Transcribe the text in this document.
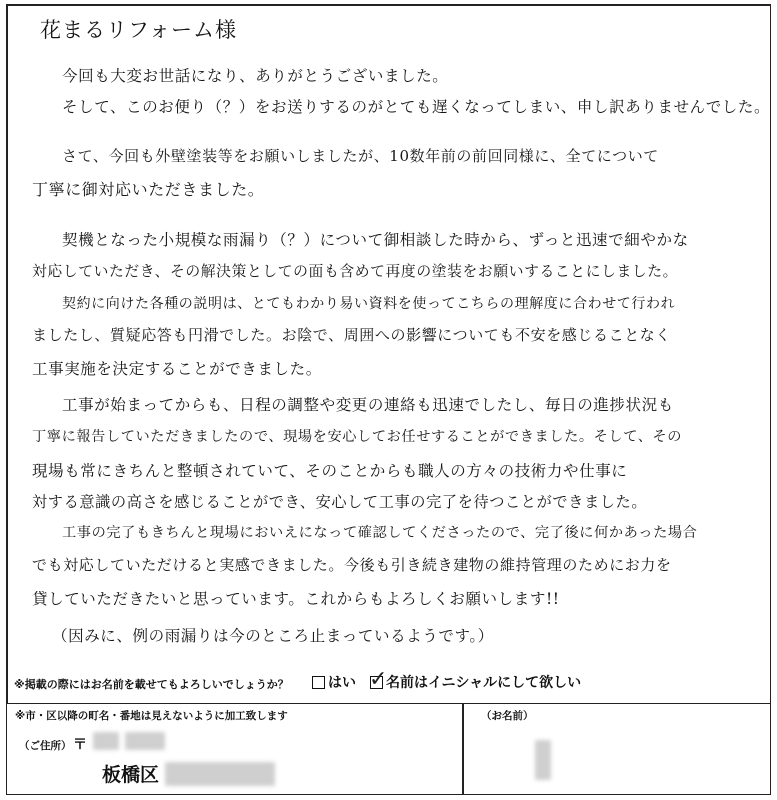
花まるリフォーム様
今回も大変お世話になり、ありがとうございました。
そして、このお便り（？）をお送りするのがとても遅くなってしまい、申し訳ありませんでした。
さて、今回も外壁塗装等をお願いしましたが、10数年前の前回同様に、全てについて
丁寧に御対応いただきました。
契機となった小規模な雨漏り（？）について御相談した時から、ずっと迅速で細やかな
対応していただき、その解決策としての面も含めて再度の塗装をお願いすることにしました。
契約に向けた各種の説明は、とてもわかり易い資料を使ってこちらの理解度に合わせて行われ
ましたし、質疑応答も円滑でした。お陰で、周囲への影響についても不安を感じることなく
工事実施を決定することができました。
工事が始まってからも、日程の調整や変更の連絡も迅速でしたし、毎日の進捗状況も
丁寧に報告していただきましたので、現場を安心してお任せすることができました。そして、その
現場も常にきちんと整頓されていて、そのことからも職人の方々の技術力や仕事に
対する意識の高さを感じることができ、安心して工事の完了を待つことができました。
工事の完了もきちんと現場においえになって確認してくださったので、完了後に何かあった場合
でも対応していただけると実感できました。今後も引き続き建物の維持管理のためにお力を
貸していただきたいと思っています。これからもよろしくお願いします!!
（因みに、例の雨漏りは今のところ止まっているようです。）
※掲載の際にはお名前を載せてもよろしいでしょうか？	はい ✓
名前はイニシャルにして欲しい
※市・区以降の町名・番地は見えないように加工致します
（ご住所） 〒
板橋区
（お名前）
